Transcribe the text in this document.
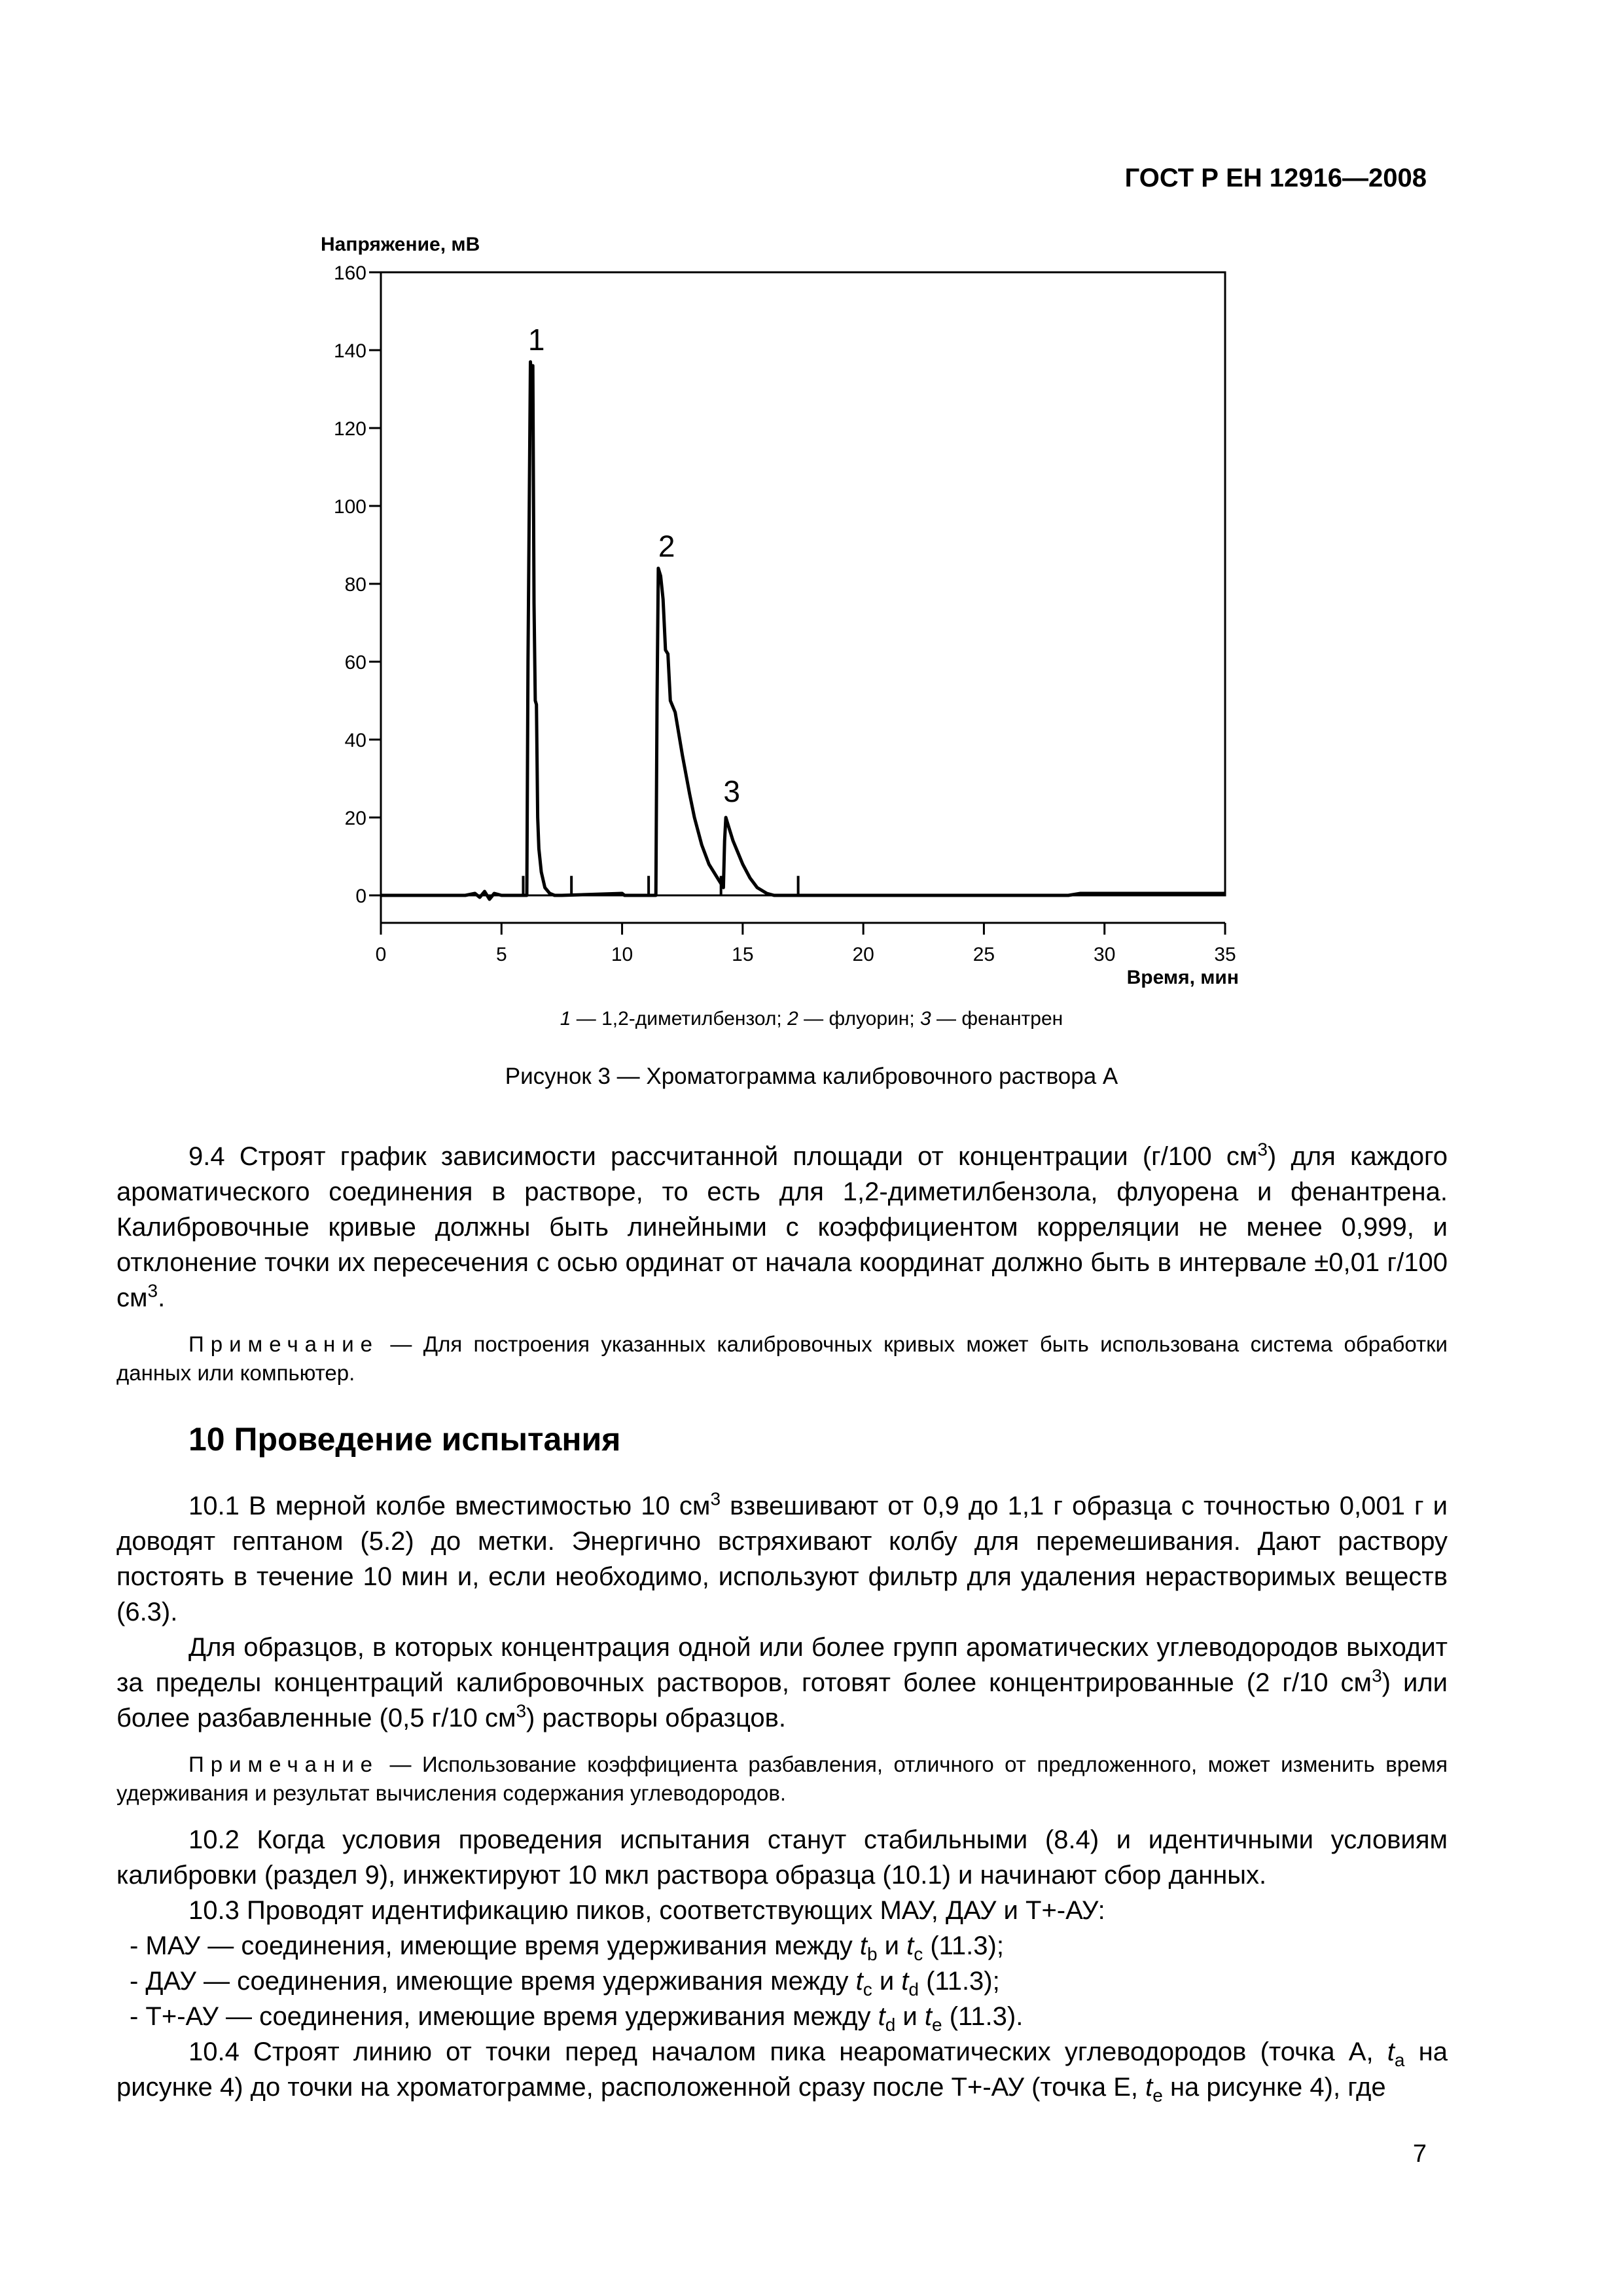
ГОСТ Р ЕН 12916—2008
Напряжение, мВ
Время, мин
0
20
40
60
80
100
120
140
160
0	5	10	15	20	25	30	35
1
2
3
1 — 1,2-диметилбензол; 2 — флуорин; 3 — фенантрен
Рисунок 3 — Хроматограмма калибровочного раствора А

9.4 Строят график зависимости рассчитанной площади от концентрации (г/100 $см^3$) для каждого ароматического соединения в растворе, то есть для 1,2-диметилбензола, флуорена и фенантрена. Калибровочные кривые должны быть линейными с коэффициентом корреляции не менее 0,999, и отклонение точки их пересечения с осью ординат от начала координат должно быть в интервале ±0,01 г/100 $см^3$.

Примечание — Для построения указанных калибровочных кривых может быть использована система обработки данных или компьютер.

10 Проведение испытания

10.1 В мерной колбе вместимостью 10 $см^3$ взвешивают от 0,9 до 1,1 г образца с точностью 0,001 г и доводят гептаном (5.2) до метки. Энергично встряхивают колбу для перемешивания. Дают раствору постоять в течение 10 мин и, если необходимо, используют фильтр для удаления нерастворимых веществ (6.3).

Для образцов, в которых концентрация одной или более групп ароматических углеводородов выходит за пределы концентраций калибровочных растворов, готовят более концентрированные (2 г/10 $см^3$) или более разбавленные (0,5 г/10 $см^3$) растворы образцов.

Примечание — Использование коэффициента разбавления, отличного от предложенного, может изменить время удерживания и результат вычисления содержания углеводородов.

10.2 Когда условия проведения испытания станут стабильными (8.4) и идентичными условиям калибровки (раздел 9), инжектируют 10 мкл раствора образца (10.1) и начинают сбор данных.

10.3 Проводят идентификацию пиков, соответствующих МАУ, ДАУ и Т+-АУ:

- МАУ — соединения, имеющие время удерживания между $t_b$ и $t_c$ (11.3);

- ДАУ — соединения, имеющие время удерживания между $t_c$ и $t_d$ (11.3);

- Т+-АУ — соединения, имеющие время удерживания между $t_d$ и $t_e$ (11.3).

10.4 Строят линию от точки перед началом пика неароматических углеводородов (точка А, $t_a$ на рисунке 4) до точки на хроматограмме, расположенной сразу после Т+-АУ (точка Е, $t_e$ на рисунке 4), где

7
